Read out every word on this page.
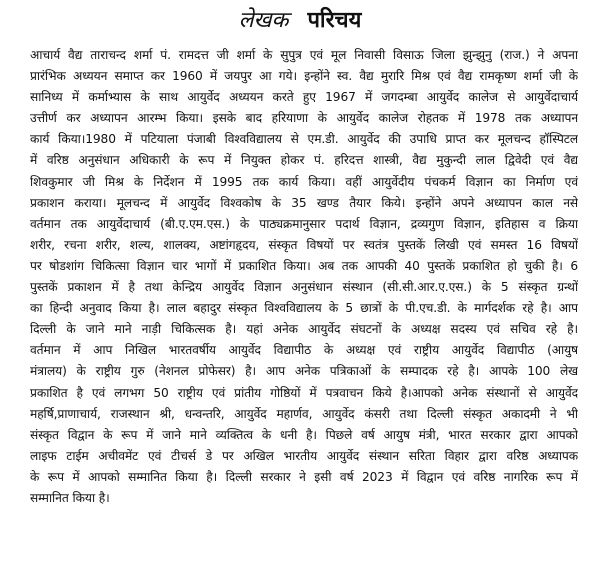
लेखक परिचय
आचार्य वैद्य ताराचन्द शर्मा पं. रामदत्त जी शर्मा के सुपुत्र एवं मूल निवासी विसाऊ जिला झुन्झुनु (राज.) ने अपना
प्रारंभिक अध्ययन समाप्त कर 1960 में जयपुर आ गये। इन्होंने स्व. वैद्य मुरारि मिश्र एवं वैद्य रामकृष्ण शर्मा जी के
सानिध्य में कर्माभ्यास के साथ आयुर्वेद अध्ययन करते हुए 1967 में जगदम्बा आयुर्वेद कालेज से आयुर्वेदाचार्य
उत्तीर्ण कर अध्यापन आरम्भ किया। इसके बाद हरियाणा के आयुर्वेद कालेज रोहतक में 1978 तक अध्यापन
कार्य किया।1980 में पटियाला पंजाबी विश्वविद्यालय से एम.डी. आयुर्वेद की उपाधि प्राप्त कर मूलचन्द हॉस्पिटल
में वरिष्ठ अनुसंधान अधिकारी के रूप में नियुक्त होकर पं. हरिदत्त शास्त्री, वैद्य मुकुन्दी लाल द्विवेदी एवं वैद्य
शिवकुमार जी मिश्र के निर्देशन में 1995 तक कार्य किया। वहीं आयुर्वेदीय पंचकर्म विज्ञान का निर्माण एवं
प्रकाशन कराया। मूलचन्द में आयुर्वेद विश्वकोष के 35 खण्ड तैयार किये। इन्होंने अपने अध्यापन काल नसे
वर्तमान तक आयुर्वेदाचार्य (बी.ए.एम.एस.) के पाठ्यक्रमानुसार पदार्थ विज्ञान, द्रव्यगुण विज्ञान, इतिहास व क्रिया
शरीर, रचना शरीर, शल्य, शालक्य, अष्टांगहृदय, संस्कृत विषयों पर स्वतंत्र पुस्तकें लिखी एवं समस्त 16 विषयों
पर षोडशांग चिकित्सा विज्ञान चार भागों में प्रकाशित किया। अब तक आपकी 40 पुस्तकें प्रकाशित हो चुकी है। 6
पुस्तकें प्रकाशन में है तथा केन्द्रिय आयुर्वेद विज्ञान अनुसंधान संस्थान (सी.सी.आर.ए.एस.) के 5 संस्कृत ग्रन्थों
का हिन्दी अनुवाद किया है। लाल बहादुर संस्कृत विश्वविद्यालय के 5 छात्रों के पी.एच.डी. के मार्गदर्शक रहे है। आप
दिल्ली के जाने माने नाड़ी चिकित्सक है। यहां अनेक आयुर्वेद संघटनों के अध्यक्ष सदस्य एवं सचिव रहे है।
वर्तमान में आप निखिल भारतवर्षीय आयुर्वेद विद्यापीठ के अध्यक्ष एवं राष्ट्रीय आयुर्वेद विद्यापीठ (आयुष
मंत्रालय) के राष्ट्रीय गुरु (नेशनल प्रोफेसर) है। आप अनेक पत्रिकाओं के सम्पादक रहे है। आपके 100 लेख
प्रकाशित है एवं लगभग 50 राष्ट्रीय एवं प्रांतीय गोष्ठियों में पत्रवाचन किये है।आपको अनेक संस्थानों से आयुर्वेद
महर्षि,प्राणाचार्य, राजस्थान श्री, धन्वन्तरि, आयुर्वेद महार्णव, आयुर्वेद कंसरी तथा दिल्ली संस्कृत अकादमी ने भी
संस्कृत विद्वान के रूप में जाने माने व्यक्तित्व के धनी है। पिछले वर्ष आयुष मंत्री, भारत सरकार द्वारा आपको
लाइफ टाईम अचीवमेंट एवं टीचर्स डे पर अखिल भारतीय आयुर्वेद संस्थान सरिता विहार द्वारा वरिष्ठ अध्यापक
के रूप में आपको सम्मानित किया है। दिल्ली सरकार ने इसी वर्ष 2023 में विद्वान एवं वरिष्ठ नागरिक रूप में
सम्मानित किया है।
